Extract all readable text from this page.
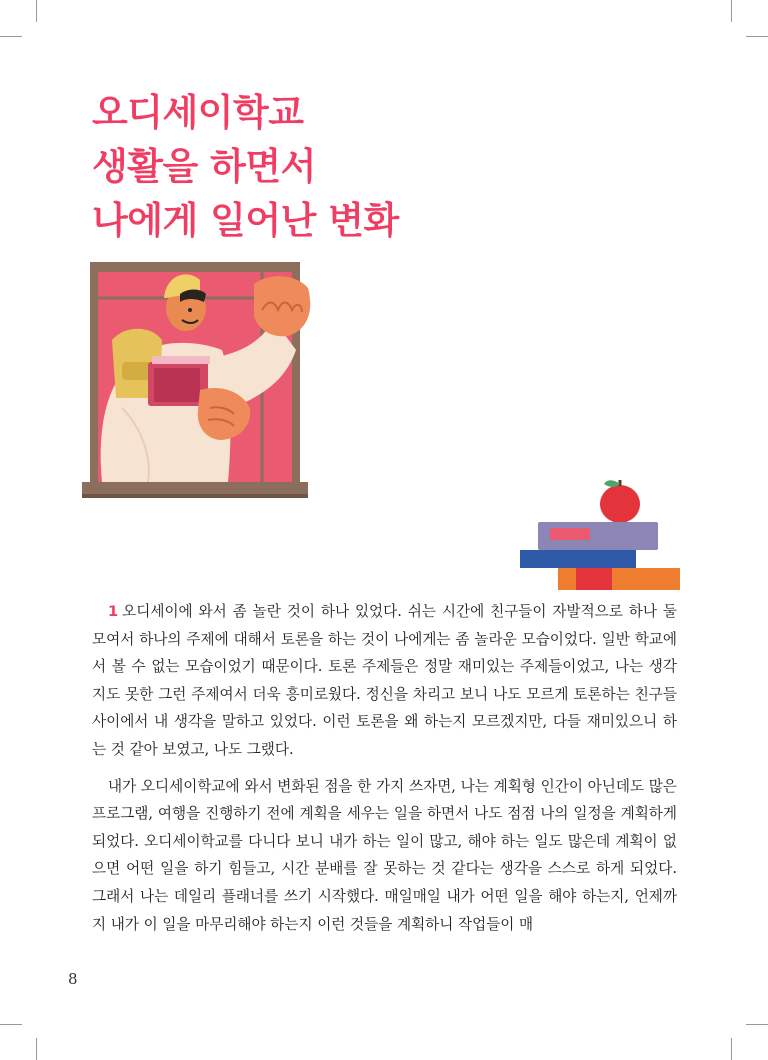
오디세이학교
생활을 하면서
나에게 일어난 변화

1 오디세이에 와서 좀 놀란 것이 하나 있었다. 쉬는 시간에 친구들이 자발적으로 하나 둘 모여서 하나의 주제에 대해서 토론을 하는 것이 나에게는 좀 놀라운 모습이었다. 일반 학교에서 볼 수 없는 모습이었기 때문이다. 토론 주제들은 정말 재미있는 주제들이었고, 나는 생각지도 못한 그런 주제여서 더욱 흥미로웠다. 정신을 차리고 보니 나도 모르게 토론하는 친구들 사이에서 내 생각을 말하고 있었다. 이런 토론을 왜 하는지 모르겠지만, 다들 재미있으니 하는 것 같아 보였고, 나도 그랬다.

내가 오디세이학교에 와서 변화된 점을 한 가지 쓰자면, 나는 계획형 인간이 아닌데도 많은 프로그램, 여행을 진행하기 전에 계획을 세우는 일을 하면서 나도 점점 나의 일정을 계획하게 되었다. 오디세이학교를 다니다 보니 내가 하는 일이 많고, 해야 하는 일도 많은데 계획이 없으면 어떤 일을 하기 힘들고, 시간 분배를 잘 못하는 것 같다는 생각을 스스로 하게 되었다. 그래서 나는 데일리 플래너를 쓰기 시작했다. 매일매일 내가 어떤 일을 해야 하는지, 언제까지 내가 이 일을 마무리해야 하는지 이런 것들을 계획하니 작업들이 매

8
